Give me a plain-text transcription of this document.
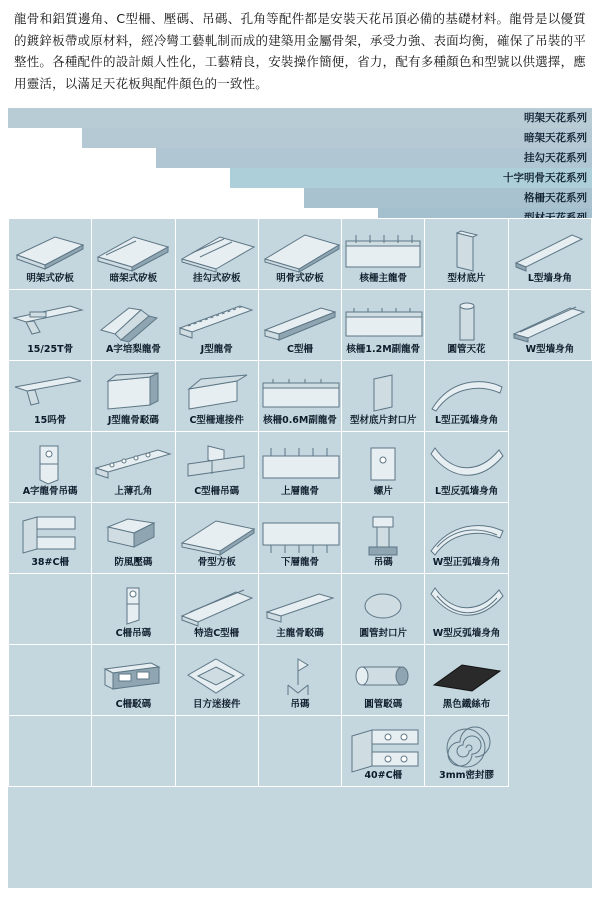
龍骨和鋁質邊角、C型柵、壓碼、吊碼、孔角等配件都是安裝天花吊頂必備的基礎材料。龍骨是以優質的鍍鋅板帶或原材料，經冷彎工藝軋制而成的建築用金屬骨架，承受力強、表面均衡，確保了吊裝的平整性。各種配件的設計頗人性化，工藝精良，安裝操作簡便，省力，配有多種顏色和型號以供選擇，應用靈活，以滿足天花板與配件顏色的一致性。
明架天花系列
暗架天花系列
挂勾天花系列
十字明骨天花系列
格柵天花系列
明架式矽板	暗架式矽板	挂勾式矽板	明骨式矽板	核柵主龍骨	型材底片	L型墙身角

15/25T骨	A字培梨龍骨	J型龍骨	C型柵	核柵1.2M副龍骨	圓管天花	W型墙身角

15吗骨	J型龍骨駁碼	C型柵連接件	核柵0.6M副龍骨	型材底片封口片	L型正弧墙身角	

A字龍骨吊碼	上薄孔角	C型柵吊碼	上層龍骨	螺片	L型反弧墙身角	

38#C柵	防風壓碼	骨型方板	下層龍骨	吊碼	W型正弧墙身角	

	C柵吊碼	特造C型柵	主龍骨駁碼	圓管封口片	W型反弧墙身角	

	C柵駁碼	目方迷接件	吊碼	圓管駁碼	黑色鐵絲布	

				40#C柵	3mm密封膠	
